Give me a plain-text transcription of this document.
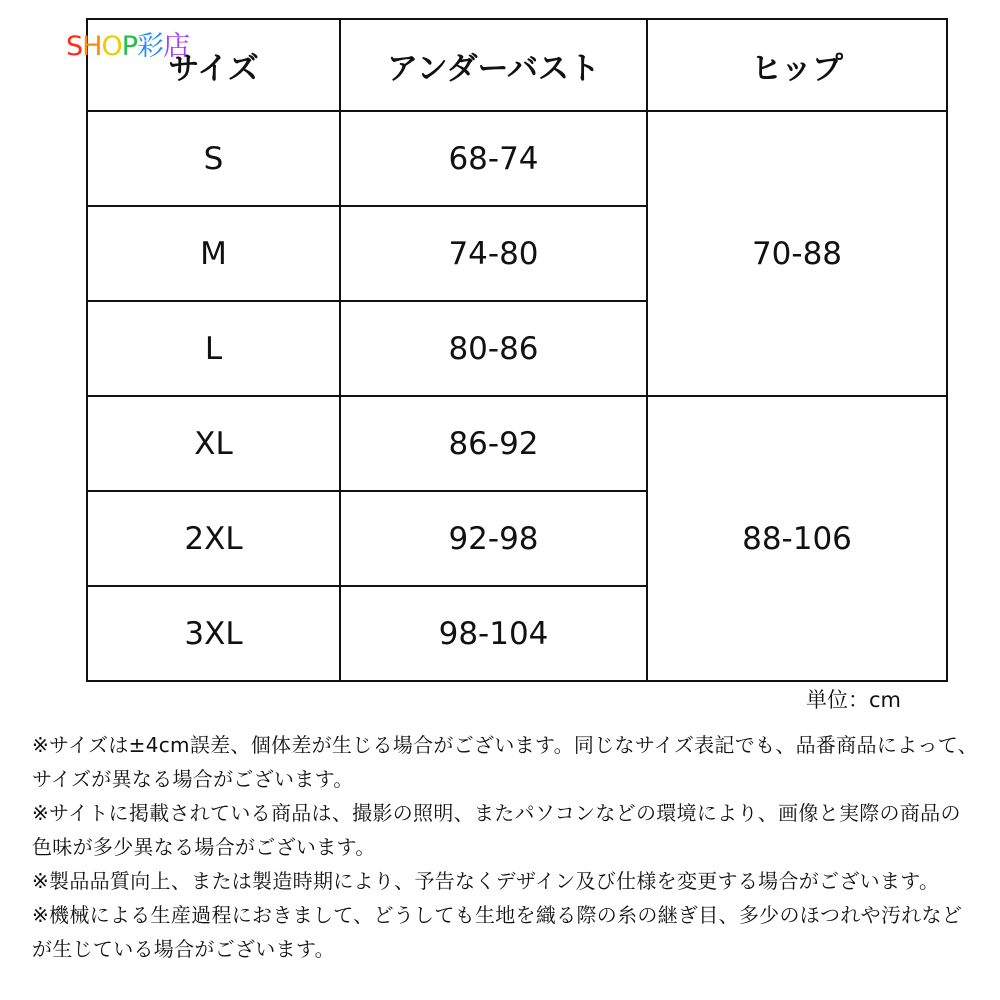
SHOP彩店
サイズ	アンダーバスト	ヒップ
S	68-74	70-88
M	74-80	
L	80-86	
XL	86-92	88-106
2XL	92-98	
3XL	98-104	
単位：cm

※サイズは±4cm誤差、個体差が生じる場合がございます。同じなサイズ表記でも、品番商品によって、サイズが異なる場合がございます。

※サイトに掲載されている商品は、撮影の照明、またパソコンなどの環境により、画像と実際の商品の色味が多少異なる場合がございます。

※製品品質向上、または製造時期により、予告なくデザイン及び仕様を変更する場合がございます。

※機械による生産過程におきまして、どうしても生地を織る際の糸の継ぎ目、多少のほつれや汚れなどが生じている場合がございます。
